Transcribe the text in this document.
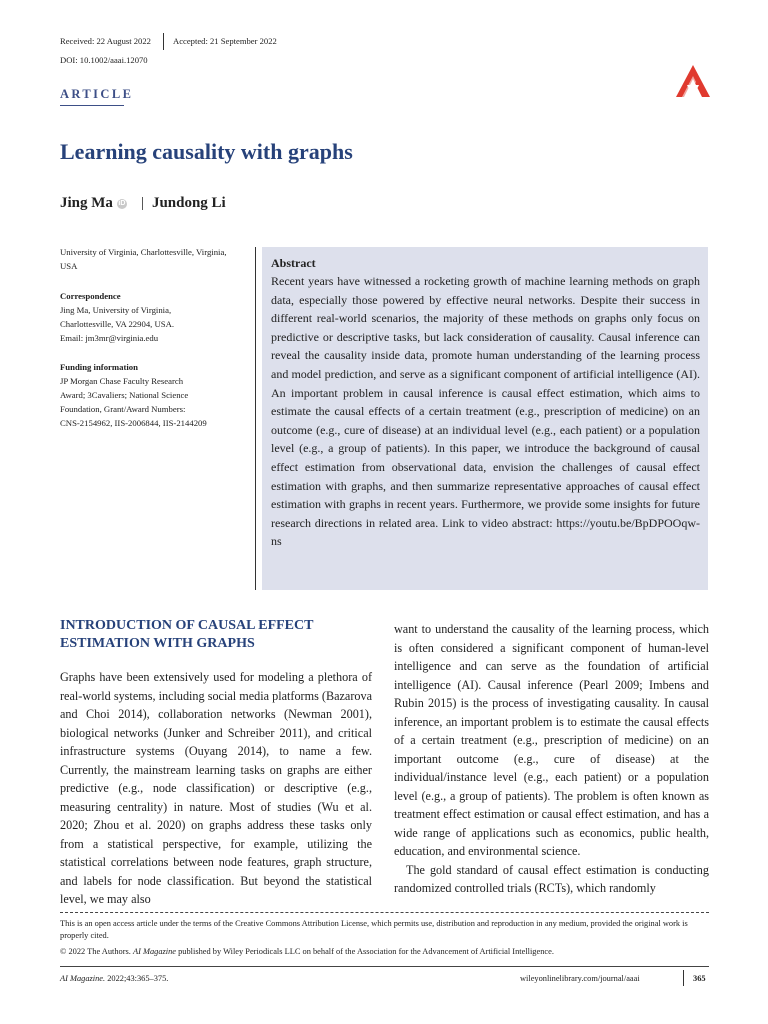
Received: 22 August 2022	Accepted: 21 September 2022
DOI: 10.1002/aaai.12070
ARTICLE
Learning causality with graphs
Jing Ma iD | Jundong Li
University of Virginia, Charlottesville, Virginia, USA
Correspondence
Jing Ma, University of Virginia,
Charlottesville, VA 22904, USA.
Email: jm3mr@virginia.edu
Funding information
JP Morgan Chase Faculty Research
Award; 3Cavaliers; National Science
Foundation, Grant/Award Numbers:
CNS-2154962, IIS-2006844, IIS-2144209
Abstract
Recent years have witnessed a rocketing growth of machine learning methods on graph data, especially those powered by effective neural networks. Despite their success in different real-world scenarios, the majority of these methods on graphs only focus on predictive or descriptive tasks, but lack consideration of causality. Causal inference can reveal the causality inside data, promote human understanding of the learning process and model prediction, and serve as a significant component of artificial intelligence (AI). An important problem in causal inference is causal effect estimation, which aims to estimate the causal effects of a certain treatment (e.g., prescription of medicine) on an outcome (e.g., cure of disease) at an individual level (e.g., each patient) or a population level (e.g., a group of patients). In this paper, we introduce the background of causal effect estimation from observational data, envision the challenges of causal effect estimation with graphs, and then summarize representative approaches of causal effect estimation with graphs in recent years. Furthermore, we provide some insights for future research directions in related area. Link to video abstract: https://youtu.be/BpDPOOqw-ns
INTRODUCTION OF CAUSAL EFFECT ESTIMATION WITH GRAPHS

Graphs have been extensively used for modeling a plethora of real-world systems, including social media platforms (Bazarova and Choi 2014), collaboration networks (Newman 2001), biological networks (Junker and Schreiber 2011), and critical infrastructure systems (Ouyang 2014), to name a few. Currently, the mainstream learning tasks on graphs are either predictive (e.g., node classification) or descriptive (e.g., measuring centrality) in nature. Most of studies (Wu et al. 2020; Zhou et al. 2020) on graphs address these tasks only from a statistical perspective, for example, utilizing the statistical correlations between node features, graph structure, and labels for node classification. But beyond the statistical level, we may also

want to understand the causality of the learning process, which is often considered a significant component of human-level intelligence and can serve as the foundation of artificial intelligence (AI). Causal inference (Pearl 2009; Imbens and Rubin 2015) is the process of investigating causality. In causal inference, an important problem is to estimate the causal effects of a certain treatment (e.g., prescription of medicine) on an important outcome (e.g., cure of disease) at the individual/instance level (e.g., each patient) or a population level (e.g., a group of patients). The problem is often known as treatment effect estimation or causal effect estimation, and has a wide range of applications such as economics, public health, education, and environmental science.

The gold standard of causal effect estimation is conducting randomized controlled trials (RCTs), which randomly

This is an open access article under the terms of the Creative Commons Attribution License, which permits use, distribution and reproduction in any medium, provided the original work is properly cited.
© 2022 The Authors. AI Magazine published by Wiley Periodicals LLC on behalf of the Association for the Advancement of Artificial Intelligence.
AI Magazine. 2022;43:365–375.	wileyonlinelibrary.com/journal/aaai	365
